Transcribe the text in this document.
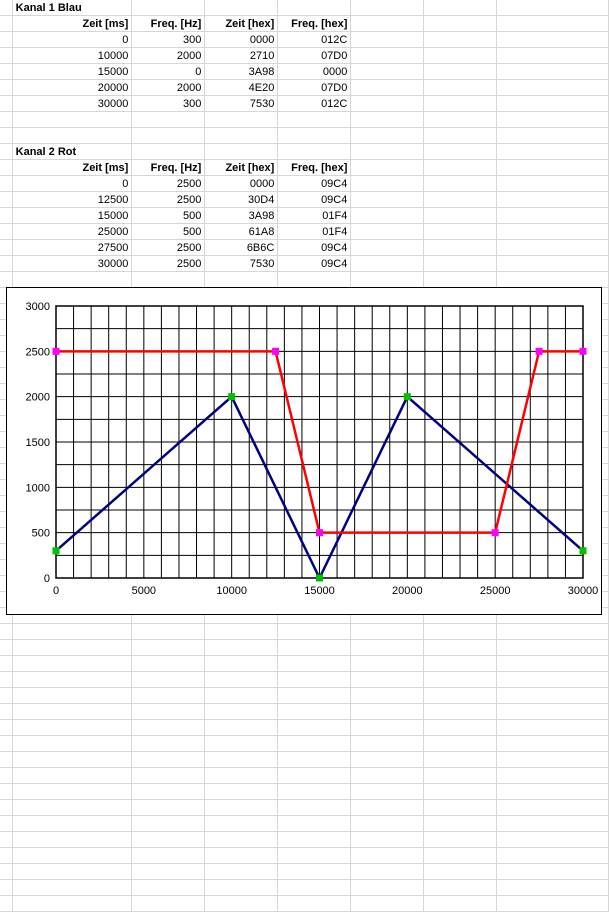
	Kanal 1 Blau						
	Zeit [ms]	Freq. [Hz]	Zeit [hex]	Freq. [hex]			
	0	300	0000	012C			
	10000	2000	2710	07D0			
	15000	0	3A98	0000			
	20000	2000	4E20	07D0			
	30000	300	7530	012C			

	Kanal 2 Rot						
	Zeit [ms]	Freq. [Hz]	Zeit [hex]	Freq. [hex]			
	0	2500	0000	09C4			
	12500	2500	30D4	09C4			
	15000	500	3A98	01F4			
	25000	500	61A8	01F4			
	27500	2500	6B6C	09C4			
	30000	2500	7530	09C4			

0	5000	10000	15000	20000	25000	30000
0
500
1000
1500
2000
2500
3000
